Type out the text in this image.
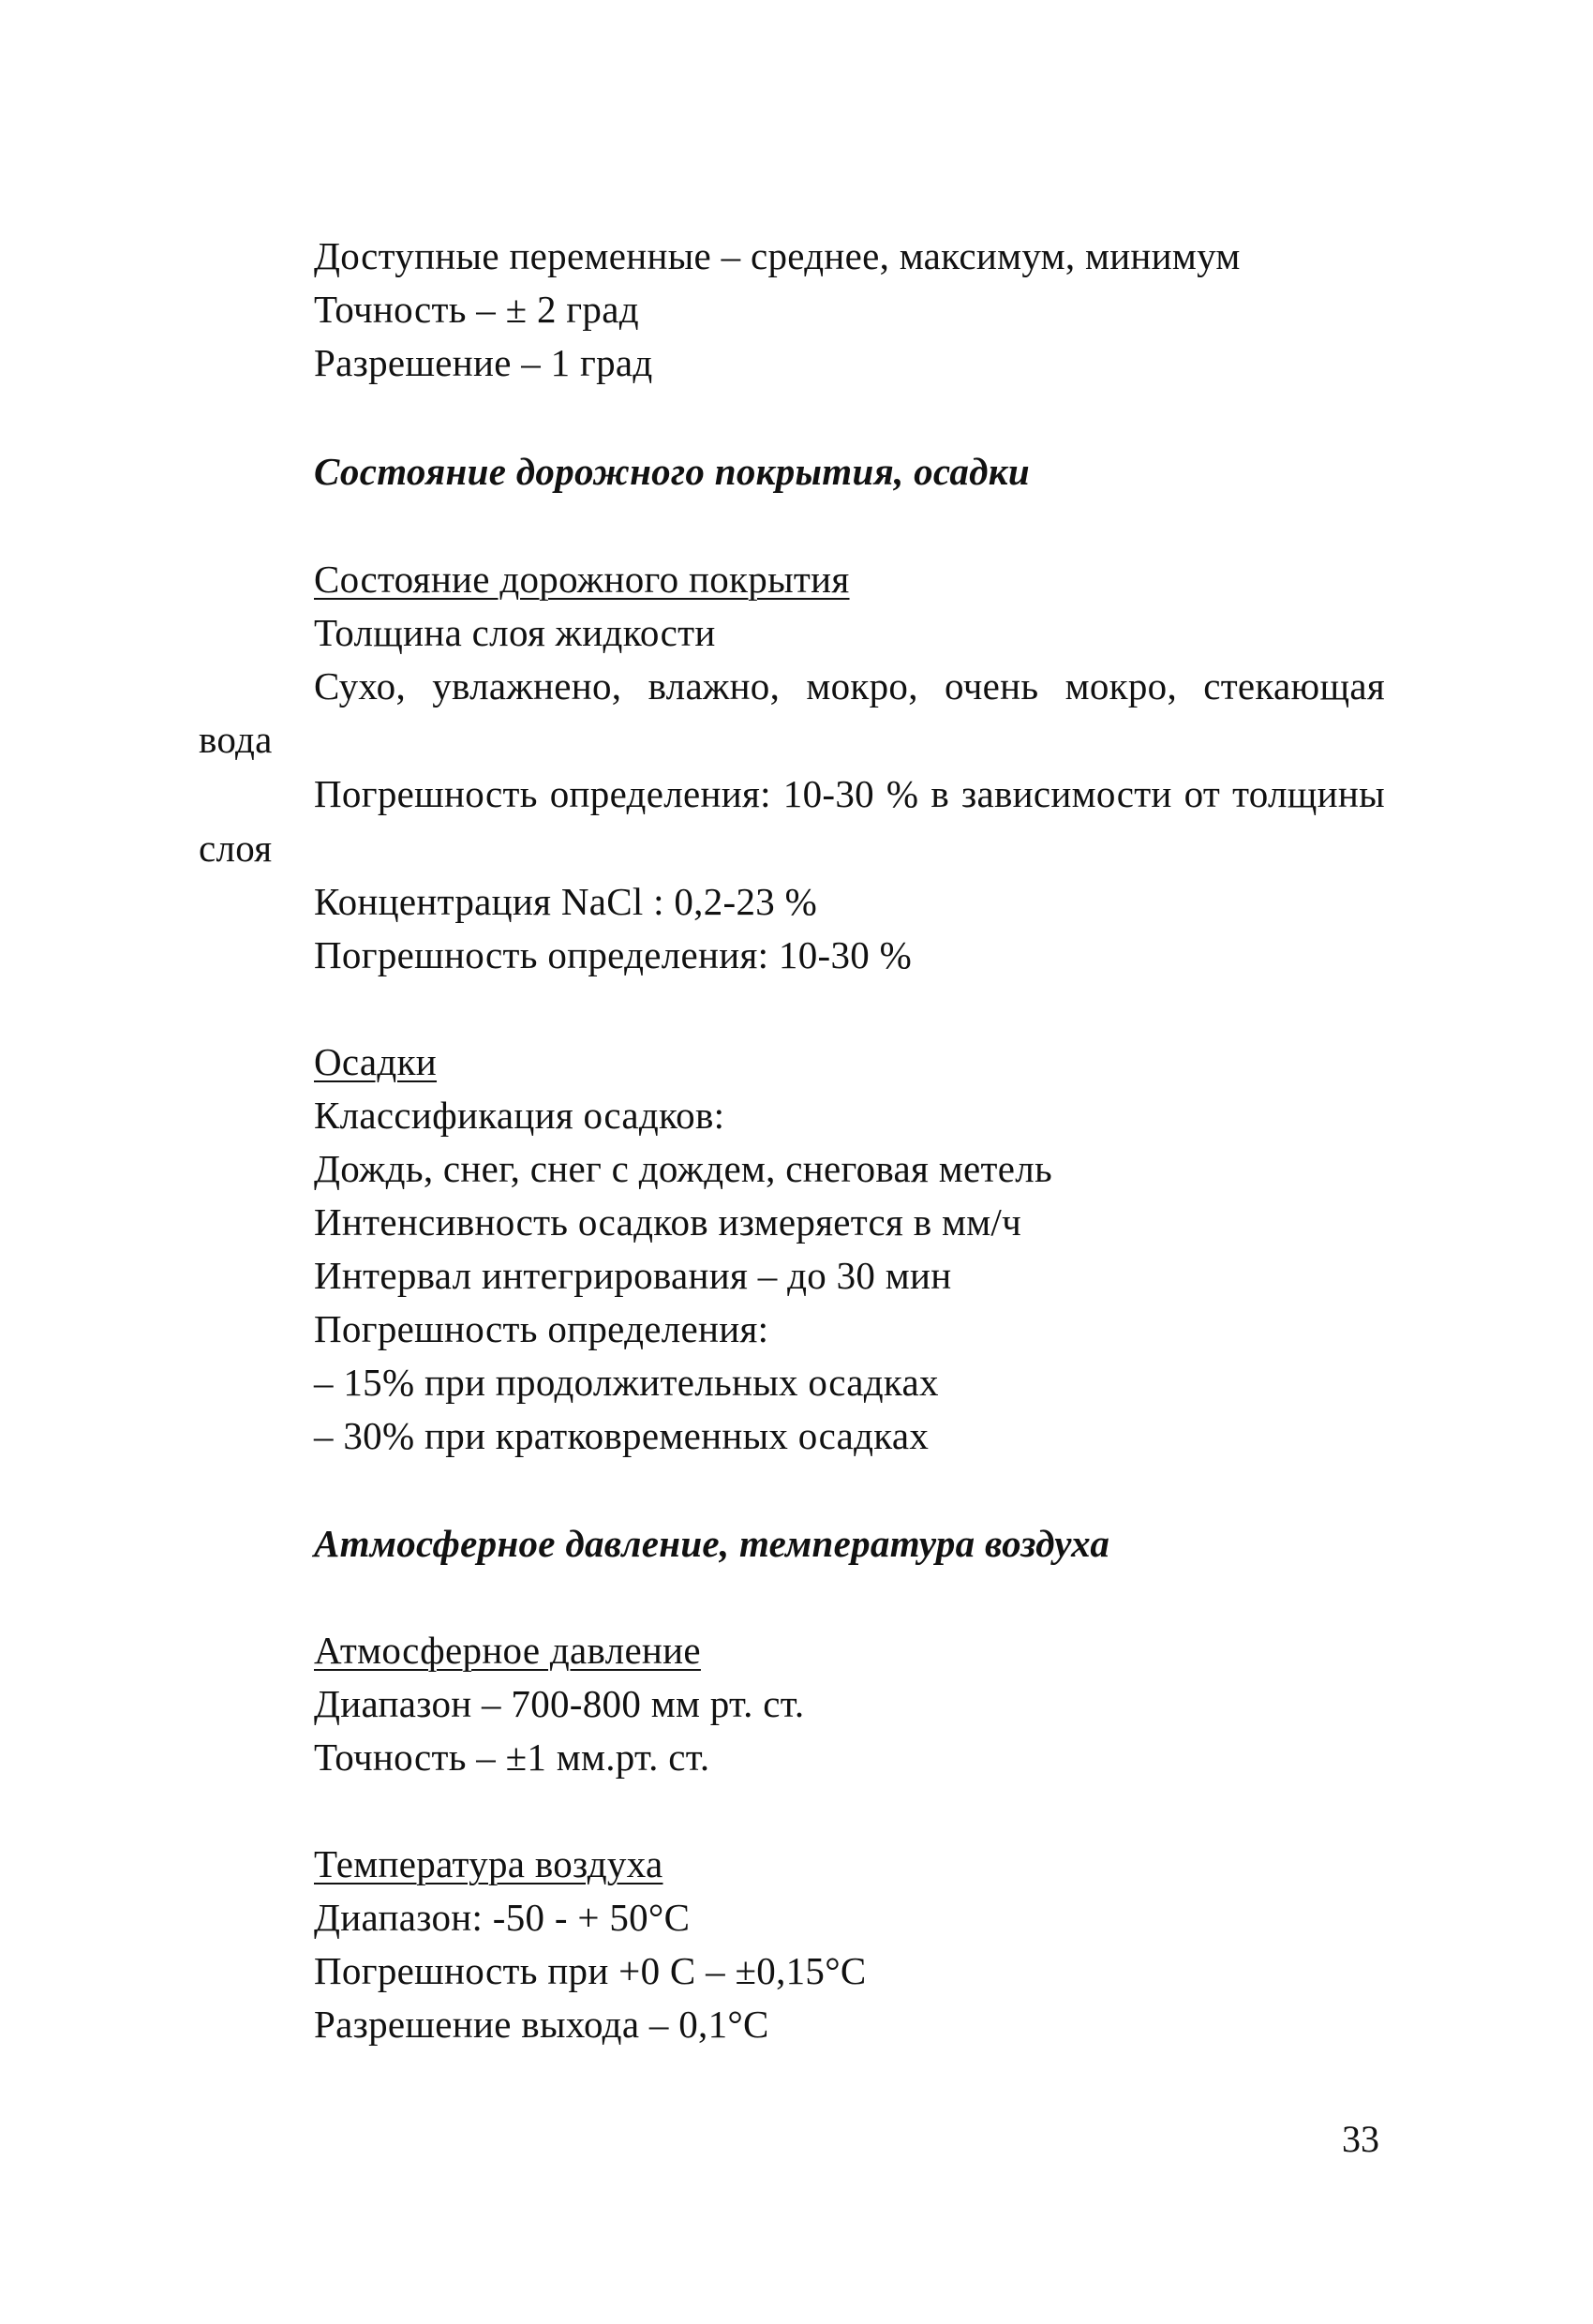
Доступные переменные – среднее, максимум, минимум
Точность – ± 2 град
Разрешение – 1 град
Состояние дорожного покрытия, осадки
Состояние дорожного покрытия
Толщина слоя жидкости
Сухо, увлажнено, влажно, мокро, очень мокро, стекающая
вода
Погрешность определения: 10-30 % в зависимости от толщины
слоя
Концентрация NaCl : 0,2-23 %
Погрешность определения: 10-30 %
Осадки
Классификация осадков:
Дождь, снег, снег с дождем, снеговая метель
Интенсивность осадков измеряется в мм/ч
Интервал интегрирования – до 30 мин
Погрешность определения:
– 15% при продолжительных осадках
– 30% при кратковременных осадках
Атмосферное давление, температура воздуха
Атмосферное давление
Диапазон – 700-800 мм рт. ст.
Точность – ±1 мм.рт. ст.
Температура воздуха
Диапазон: -50 - + 50°С
Погрешность при +0 С – ±0,15°С
Разрешение выхода – 0,1°С
33
